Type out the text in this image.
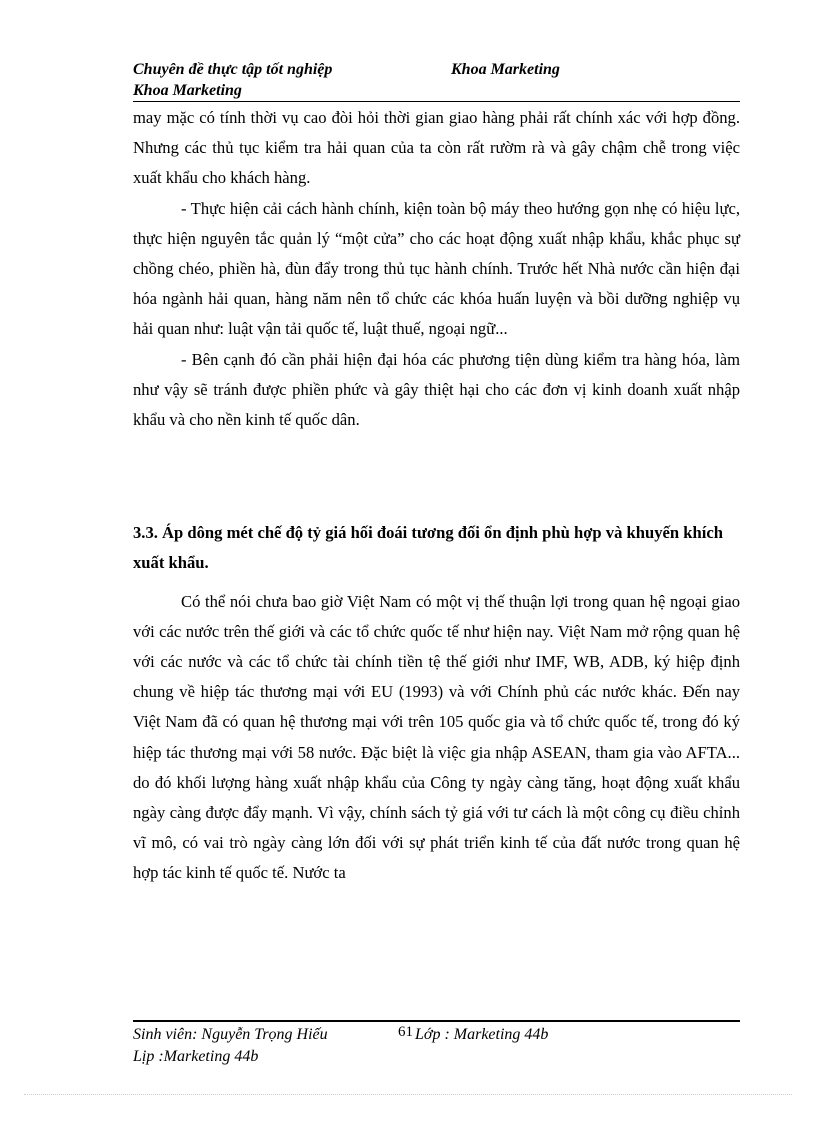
Chuyên đề thực tập tốt nghiệp	Khoa Marketing
Khoa Marketing

may mặc có tính thời vụ cao đòi hỏi thời gian giao hàng phải rất chính xác với hợp đồng. Nhưng các thủ tục kiểm tra hải quan của ta còn rất rườm rà và gây chậm chễ trong việc xuất khẩu cho khách hàng.

- Thực hiện cải cách hành chính, kiện toàn bộ máy theo hướng gọn nhẹ có hiệu lực, thực hiện nguyên tắc quản lý “một cửa” cho các hoạt động xuất nhập khẩu, khắc phục sự chồng chéo, phiền hà, đùn đẩy trong thủ tục hành chính. Trước hết Nhà nước cần hiện đại hóa ngành hải quan, hàng năm nên tổ chức các khóa huấn luyện và bồi dưỡng nghiệp vụ hải quan như: luật vận tải quốc tế, luật thuế, ngoại ngữ...

- Bên cạnh đó cần phải hiện đại hóa các phương tiện dùng kiểm tra hàng hóa, làm như vậy sẽ tránh được phiền phức và gây thiệt hại cho các đơn vị kinh doanh xuất nhập khẩu và cho nền kinh tế quốc dân.

3.3. Áp dông mét chế độ tỷ giá hối đoái tương đối ổn định phù hợp và khuyến khích xuất khẩu.

Có thể nói chưa bao giờ Việt Nam có một vị thế thuận lợi trong quan hệ ngoại giao với các nước trên thế giới và các tổ chức quốc tế như hiện nay. Việt Nam mở rộng quan hệ với các nước và các tổ chức tài chính tiền tệ thế giới như IMF, WB, ADB, ký hiệp định chung về hiệp tác thương mại với EU (1993) và với Chính phủ các nước khác. Đến nay Việt Nam đã có quan hệ thương mại với trên 105 quốc gia và tổ chức quốc tế, trong đó ký hiệp tác thương mại với 58 nước. Đặc biệt là việc gia nhập ASEAN, tham gia vào AFTA... do đó khối lượng hàng xuất nhập khẩu của Công ty ngày càng tăng, hoạt động xuất khẩu ngày càng được đẩy mạnh. Vì vậy, chính sách tỷ giá với tư cách là một công cụ điều chỉnh vĩ mô, có vai trò ngày càng lớn đối với sự phát triển kinh tế của đất nước trong quan hệ hợp tác kinh tế quốc tế. Nước ta

Sinh viên: Nguyễn Trọng Hiếu	Lớp : Marketing 44b
61
Lịp :Marketing 44b
